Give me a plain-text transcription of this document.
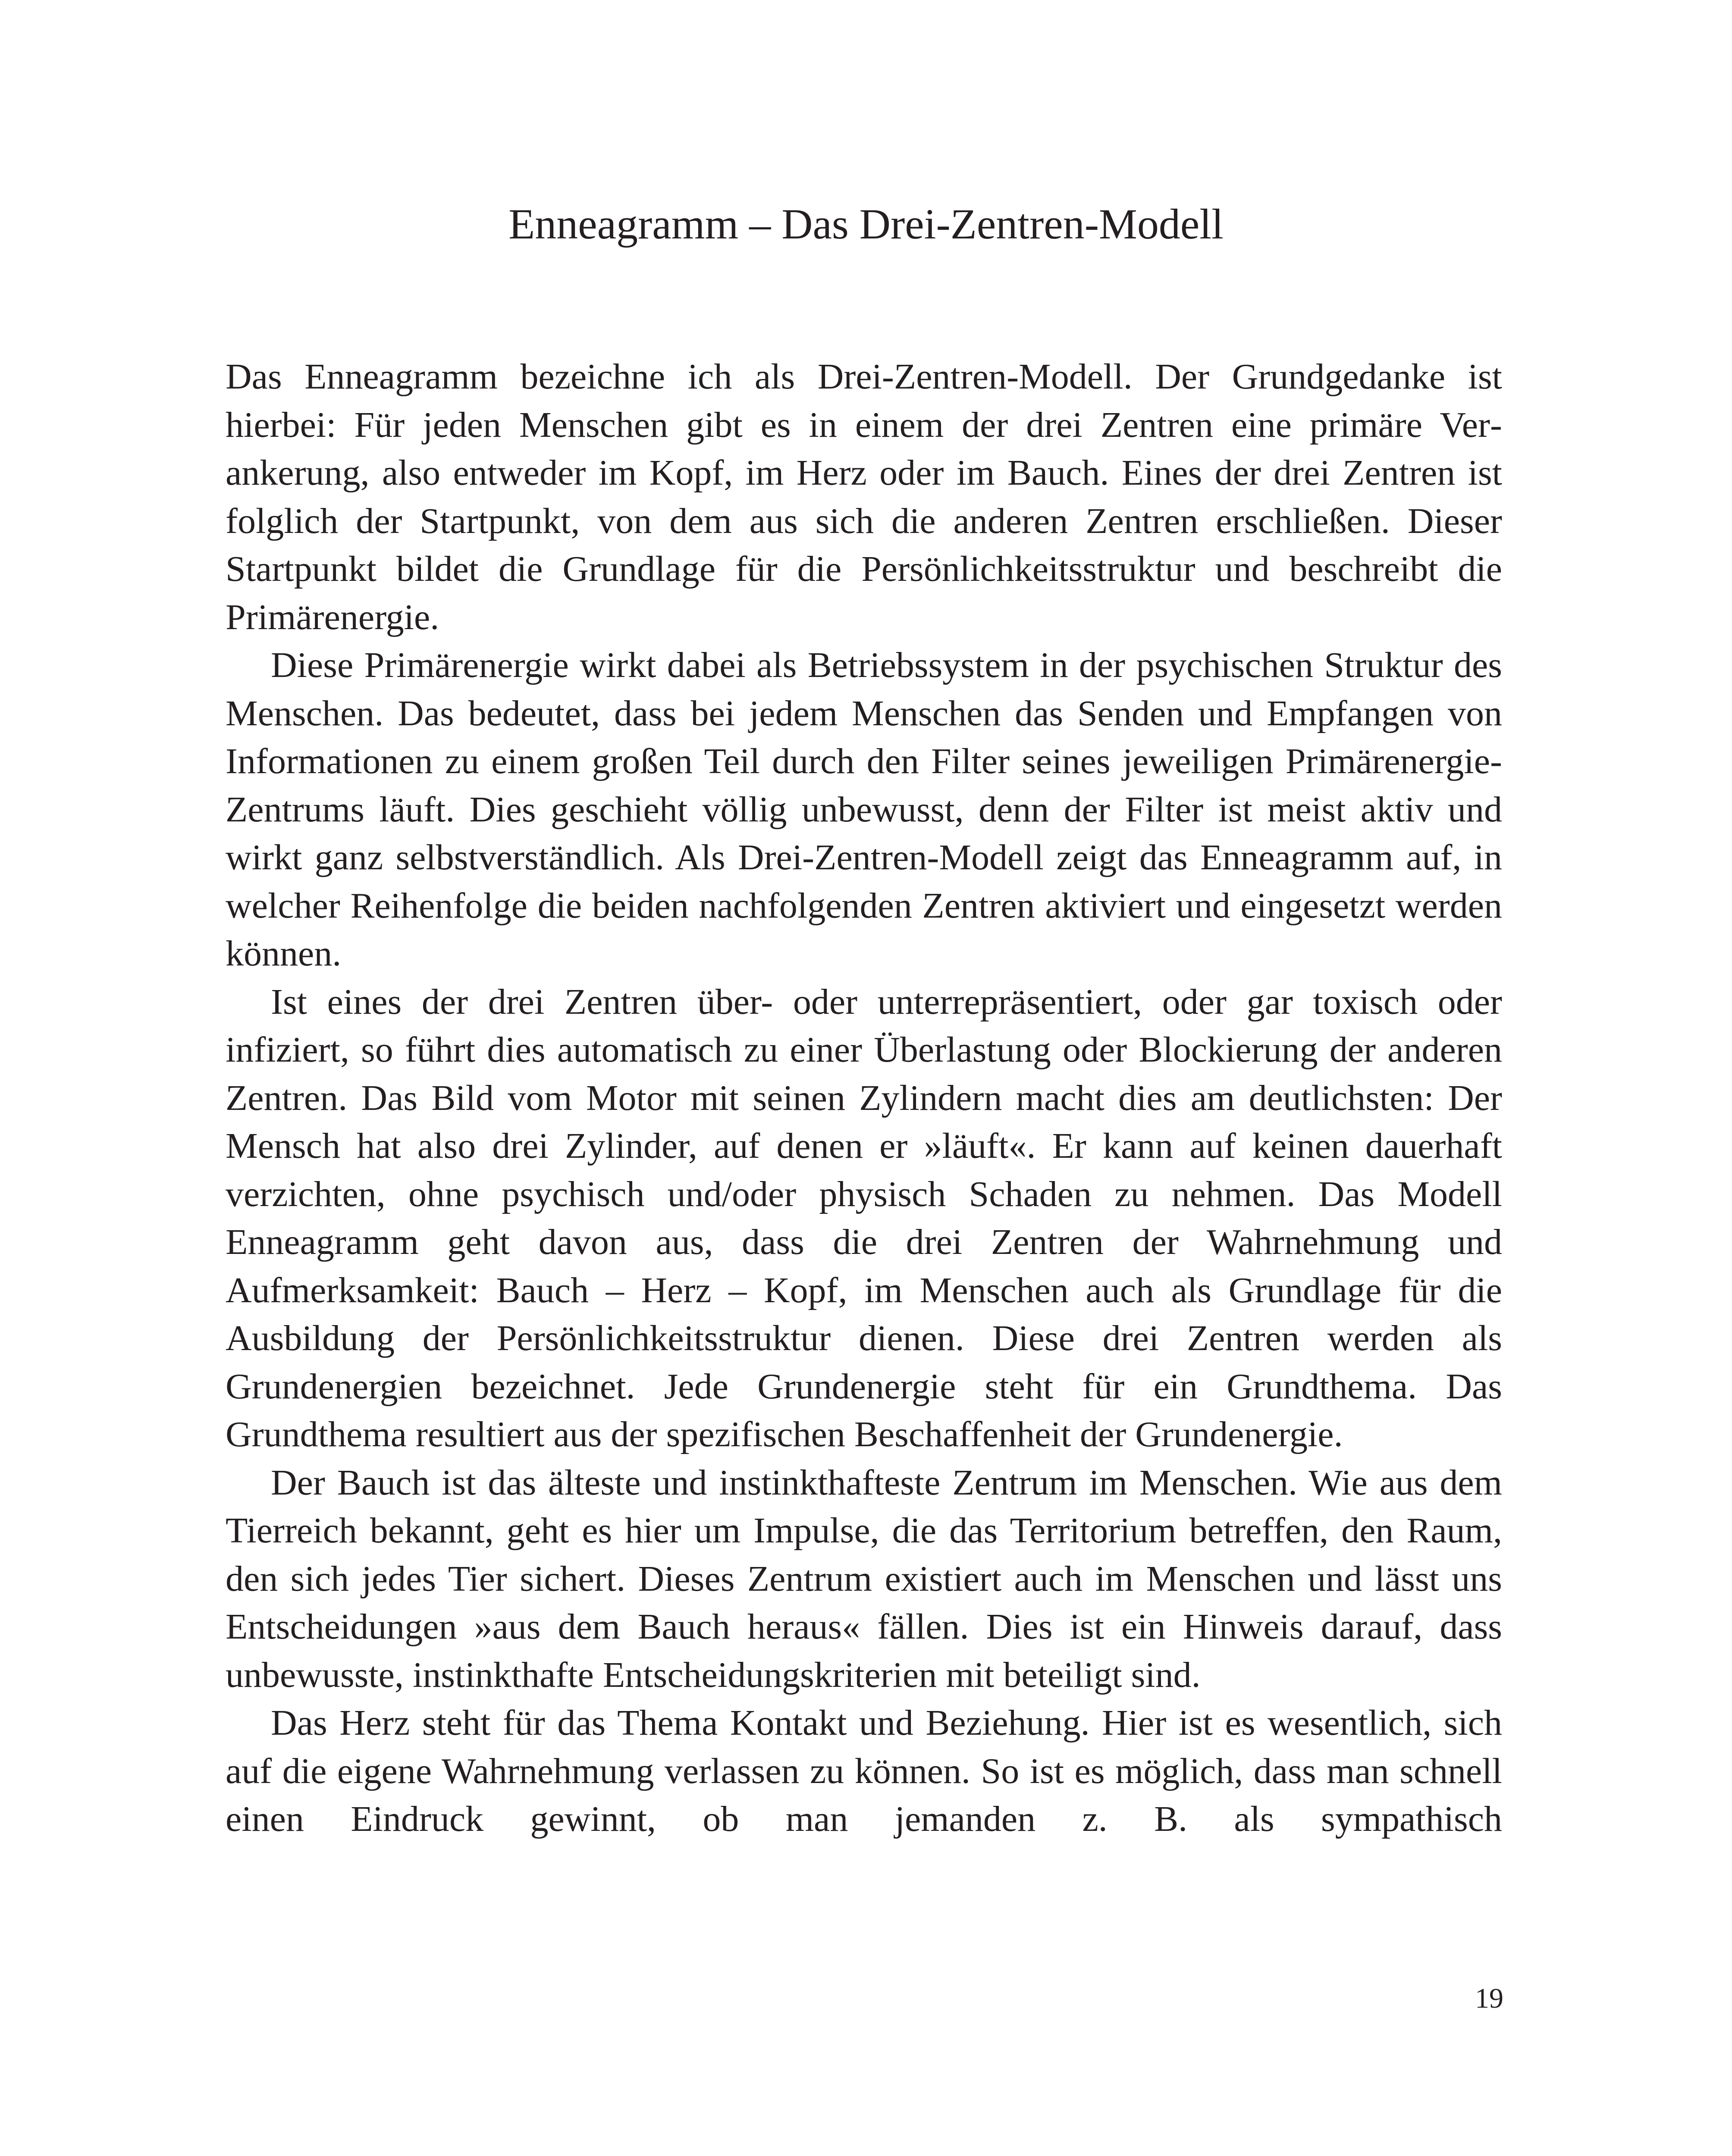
Enneagramm – Das Drei-Zentren-Modell

Das Enneagramm bezeichne ich als Drei-Zentren-Modell. Der Grundgedanke ist hierbei: Für jeden Menschen gibt es in einem der drei Zentren eine primäre Verankerung, also entweder im Kopf, im Herz oder im Bauch. Eines der drei Zentren ist folglich der Startpunkt, von dem aus sich die anderen Zentren erschließen. Dieser Startpunkt bildet die Grundlage für die Persönlichkeitsstruktur und beschreibt die Primärenergie.

Diese Primärenergie wirkt dabei als Betriebssystem in der psychischen Struktur des Menschen. Das bedeutet, dass bei jedem Menschen das Senden und Empfangen von Informationen zu einem großen Teil durch den Filter seines jeweiligen Primärenergie-Zentrums läuft. Dies geschieht völlig unbewusst, denn der Filter ist meist aktiv und wirkt ganz selbstverständlich. Als Drei-Zentren-Modell zeigt das Enneagramm auf, in welcher Reihenfolge die beiden nachfolgenden Zentren aktiviert und eingesetzt werden können.

Ist eines der drei Zentren über- oder unterrepräsentiert, oder gar toxisch oder infiziert, so führt dies automatisch zu einer Überlastung oder Blockierung der anderen Zentren. Das Bild vom Motor mit seinen Zylindern macht dies am deutlichsten: Der Mensch hat also drei Zylinder, auf denen er »läuft«. Er kann auf keinen dauerhaft verzichten, ohne psychisch und/oder physisch Schaden zu nehmen. Das Modell Enneagramm geht davon aus, dass die drei Zentren der Wahrnehmung und Aufmerksamkeit: Bauch – Herz – Kopf, im Menschen auch als Grundlage für die Ausbildung der Persönlichkeitsstruktur dienen. Diese drei Zentren werden als Grundenergien bezeichnet. Jede Grundenergie steht für ein Grundthema. Das Grundthema resultiert aus der spezifischen Beschaffenheit der Grundenergie.

Der Bauch ist das älteste und instinkthafteste Zentrum im Menschen. Wie aus dem Tierreich bekannt, geht es hier um Impulse, die das Territorium betreffen, den Raum, den sich jedes Tier sichert. Dieses Zentrum existiert auch im Menschen und lässt uns Entscheidungen »aus dem Bauch heraus« fällen. Dies ist ein Hinweis darauf, dass unbewusste, instinkthafte Entscheidungskriterien mit beteiligt sind.

Das Herz steht für das Thema Kontakt und Beziehung. Hier ist es wesentlich, sich auf die eigene Wahrnehmung verlassen zu können. So ist es möglich, dass man schnell einen Eindruck gewinnt, ob man jemanden z. B. als sympathisch

19
